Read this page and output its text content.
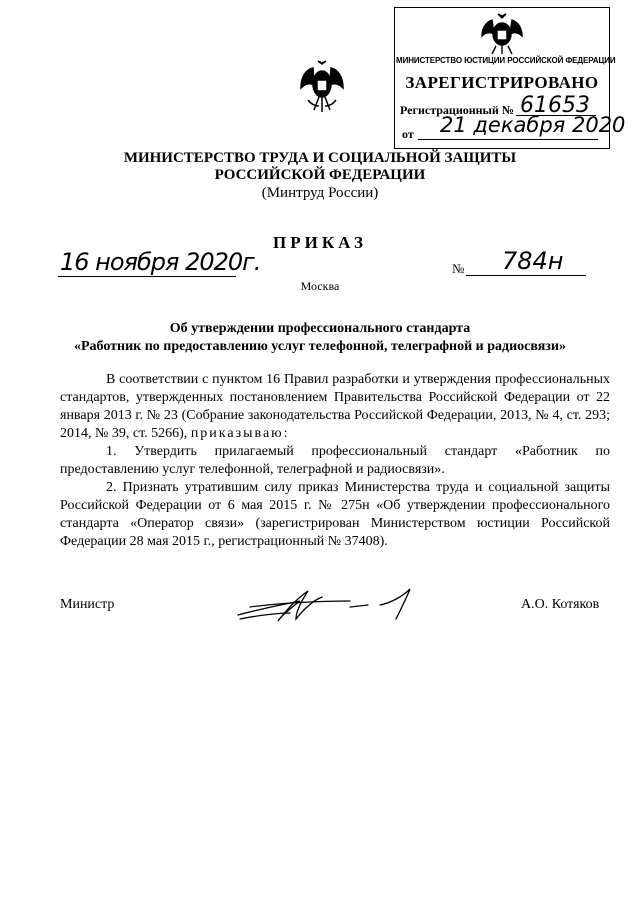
МИНИСТЕРСТВО ЮСТИЦИИ РОССИЙСКОЙ ФЕДЕРАЦИИ
ЗАРЕГИСТРИРОВАНО
Регистрационный № 61653
от 21 декабря 2020
МИНИСТЕРСТВО ТРУДА И СОЦИАЛЬНОЙ ЗАЩИТЫ
РОССИЙСКОЙ ФЕДЕРАЦИИ
(Минтруд России)
ПРИКАЗ
16 ноября 2020г.	№ 784н
Москва
Об утверждении профессионального стандарта
«Работник по предоставлению услуг телефонной, телеграфной и радиосвязи»

В соответствии с пунктом 16 Правил разработки и утверждения профессиональных стандартов, утвержденных постановлением Правительства Российской Федерации от 22 января 2013 г. № 23 (Собрание законодательства Российской Федерации, 2013, № 4, ст. 293; 2014, № 39, ст. 5266), приказываю:

1. Утвердить прилагаемый профессиональный стандарт «Работник по предоставлению услуг телефонной, телеграфной и радиосвязи».

2. Признать утратившим силу приказ Министерства труда и социальной защиты Российской Федерации от 6 мая 2015 г. № 275н «Об утверждении профессионального стандарта «Оператор связи» (зарегистрирован Министерством юстиции Российской Федерации 28 мая 2015 г., регистрационный № 37408).

Министр	А.О. Котяков
